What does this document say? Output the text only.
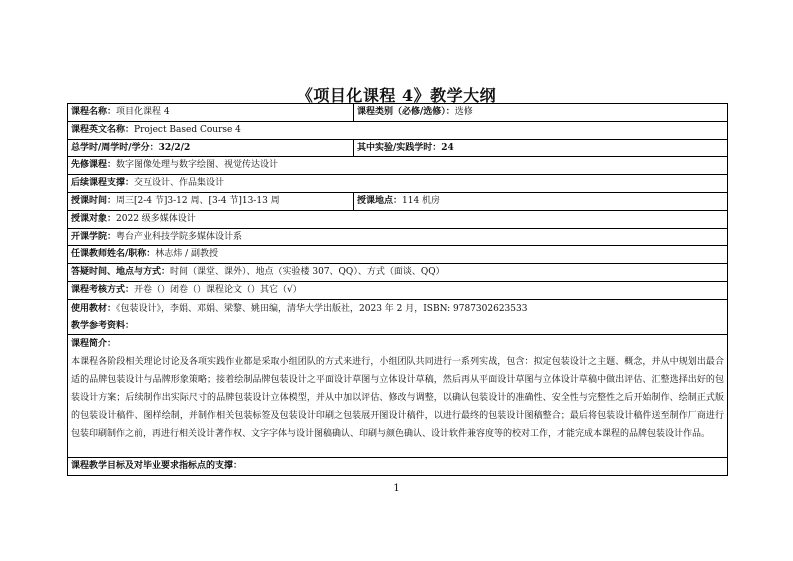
《项目化课程 4》教学大纲
课程名称：项目化课程 4	课程类别（必修/选修）：选修
课程英文名称：Project Based Course 4
总学时/周学时/学分：32/2/2	其中实验/实践学时：24
先修课程：数字图像处理与数字绘图、视觉传达设计
后续课程支撑：交互设计、作品集设计
授课时间：周三[2-4 节]3-12 周、[3-4 节]13-13 周	授课地点：114 机房
授课对象：2022 级多媒体设计
开课学院：粤台产业科技学院多媒体设计系
任课教师姓名/职称：林志炜 / 副教授
答疑时间、地点与方式：时间（课堂、课外）、地点（实验楼 307、QQ）、方式（面谈、QQ）
课程考核方式：开卷（）闭卷（）课程论文（）其它（√）
使用教材：《包装设计》，李娟、邓娟、梁黎、姚田编，清华大学出版社，2023 年 2 月，ISBN: 9787302623533
教学参考资料：
课程简介：
本课程各阶段相关理论讨论及各项实践作业都是采取小组团队的方式来进行，小组团队共同进行一系列实战，包含：拟定包装设计之主题、概念，并从中规划出最合适的品牌包装设计与品牌形象策略；接着绘制品牌包装设计之平面设计草图与立体设计草稿，然后再从平面设计草图与立体设计草稿中做出评估、汇整选择出好的包装设计方案；后续制作出实际尺寸的品牌包装设计立体模型，并从中加以评估、修改与调整，以确认包装设计的准确性、安全性与完整性之后开始制作、绘制正式版的包装设计稿件、图样绘制，并制作相关包装标签及包装设计印刷之包装展开图设计稿件，以进行最终的包装设计图稿整合；最后将包装设计稿件送至制作厂商进行包装印刷制作之前，再进行相关设计著作权、文字字体与设计图稿确认、印刷与颜色确认、设计软件兼容度等的校对工作，才能完成本课程的品牌包装设计作品。
课程教学目标及对毕业要求指标点的支撑：
1
